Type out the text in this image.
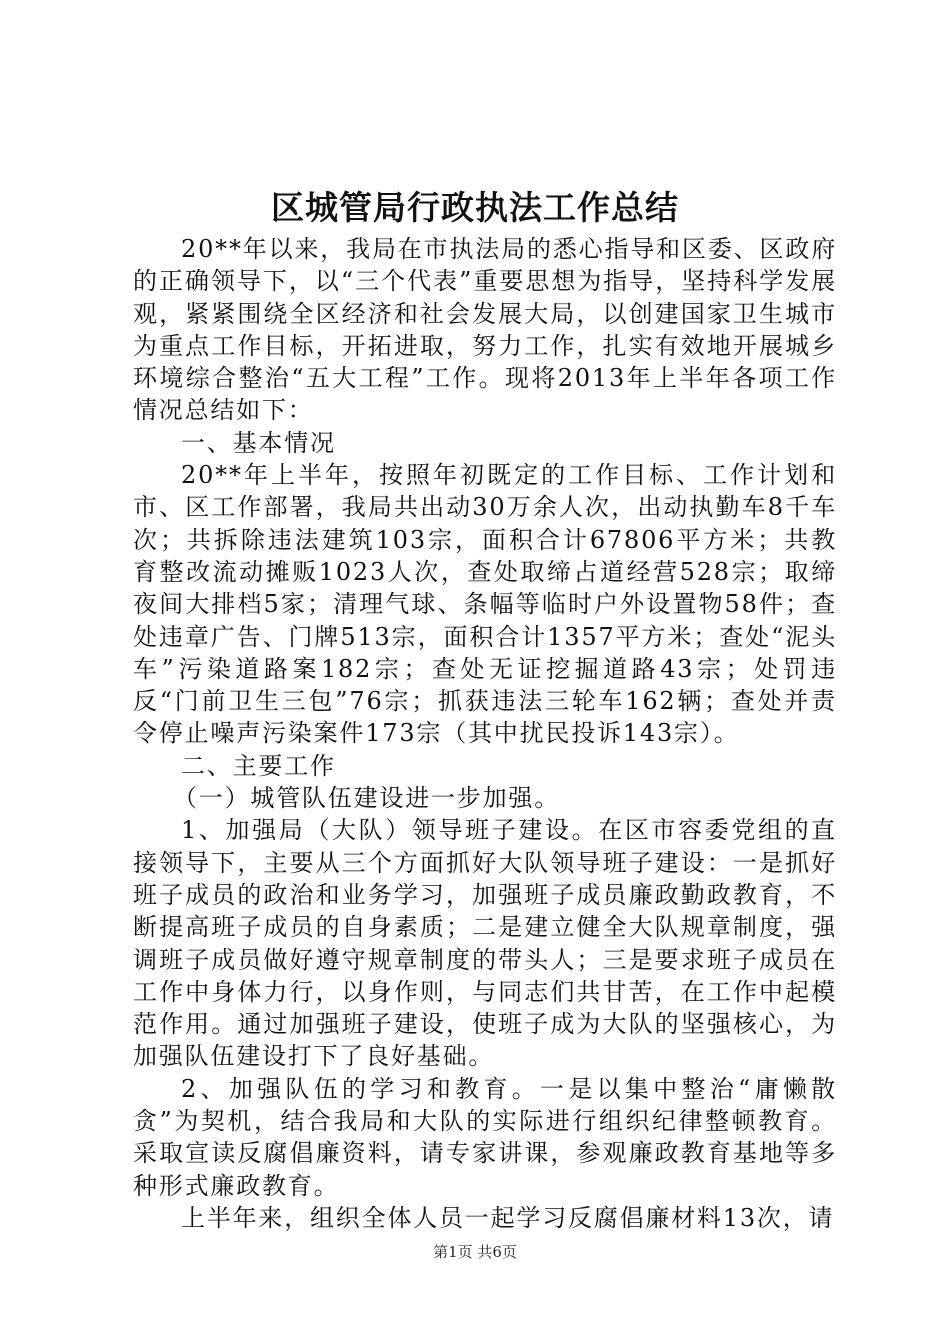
区城管局行政执法工作总结

20**年以来，我局在市执法局的悉心指导和区委、区政府的正确领导下，以“三个代表”重要思想为指导，坚持科学发展观，紧紧围绕全区经济和社会发展大局，以创建国家卫生城市为重点工作目标，开拓进取，努力工作，扎实有效地开展城乡环境综合整治“五大工程”工作。现将2013年上半年各项工作情况总结如下：

一、基本情况

20**年上半年，按照年初既定的工作目标、工作计划和市、区工作部署，我局共出动30万余人次，出动执勤车8千车次；共拆除违法建筑103宗，面积合计67806平方米；共教育整改流动摊贩1023人次，查处取缔占道经营528宗；取缔夜间大排档5家；清理气球、条幅等临时户外设置物58件；查处违章广告、门牌513宗，面积合计1357平方米；查处“泥头车”污染道路案182宗；查处无证挖掘道路43宗；处罚违反“门前卫生三包”76宗；抓获违法三轮车162辆；查处并责令停止噪声污染案件173宗（其中扰民投诉143宗）。

二、主要工作

（一）城管队伍建设进一步加强。

1、加强局（大队）领导班子建设。在区市容委党组的直接领导下，主要从三个方面抓好大队领导班子建设：一是抓好班子成员的政治和业务学习，加强班子成员廉政勤政教育，不断提高班子成员的自身素质；二是建立健全大队规章制度，强调班子成员做好遵守规章制度的带头人；三是要求班子成员在工作中身体力行，以身作则，与同志们共甘苦，在工作中起模范作用。通过加强班子建设，使班子成为大队的坚强核心，为加强队伍建设打下了良好基础。

2、加强队伍的学习和教育。一是以集中整治“庸懒散贪”为契机，结合我局和大队的实际进行组织纪律整顿教育。采取宣读反腐倡廉资料，请专家讲课，参观廉政教育基地等多种形式廉政教育。

上半年来，组织全体人员一起学习反腐倡廉材料13次，请

第1页 共6页
